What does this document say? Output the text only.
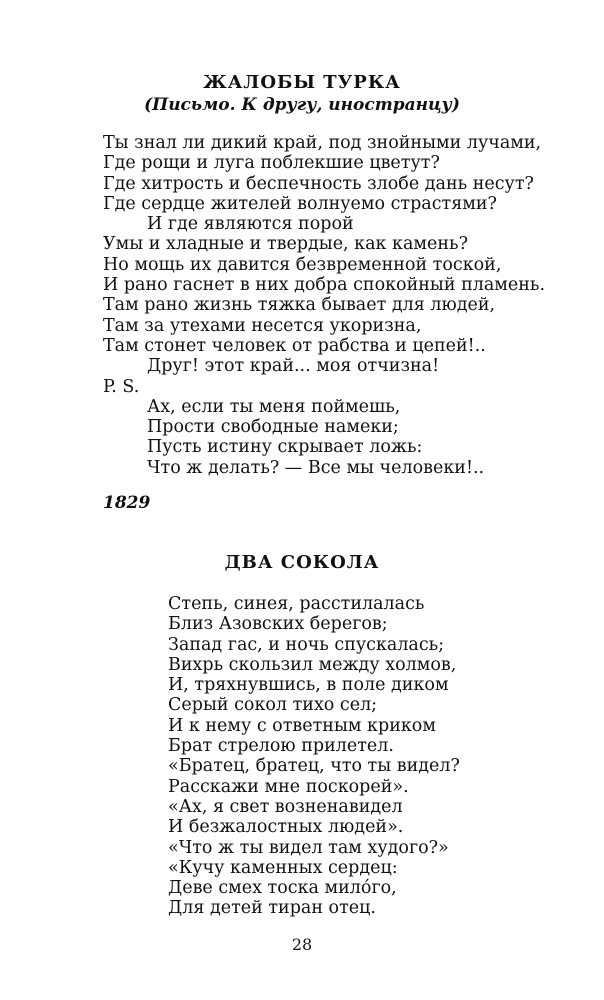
ЖАЛОБЫ ТУРКА
(Письмо. К другу, иностранцу)
Ты знал ли дикий край, под знойными лучами,
Где рощи и луга поблекшие цветут?
Где хитрость и беспечность злобе дань несут?
Где сердце жителей волнуемо страстями?
И где являются порой
Умы и хладные и твердые, как камень?
Но мощь их давится безвременной тоской,
И рано гаснет в них добра спокойный пламень.
Там рано жизнь тяжка бывает для людей,
Там за утехами несется укоризна,
Там стонет человек от рабства и цепей!..
Друг! этот край... моя отчизна!
P. S.
Ах, если ты меня поймешь,
Прости свободные намеки;
Пусть истину скрывает ложь:
Что ж делать? — Все мы человеки!..
1829
ДВА СОКОЛА
Степь, синея, расстилалась
Близ Азовских берегов;
Запад гас, и ночь спускалась;
Вихрь скользил между холмов,
И, тряхнувшись, в поле диком
Серый сокол тихо сел;
И к нему с ответным криком
Брат стрелою прилетел.
«Братец, братец, что ты видел?
Расскажи мне поскорей».
«Ах, я свет возненавидел
И безжалостных людей».
«Что ж ты видел там худого?»
«Кучу каменных сердец:
Деве смех тоска милóго,
Для детей тиран отец.
28
